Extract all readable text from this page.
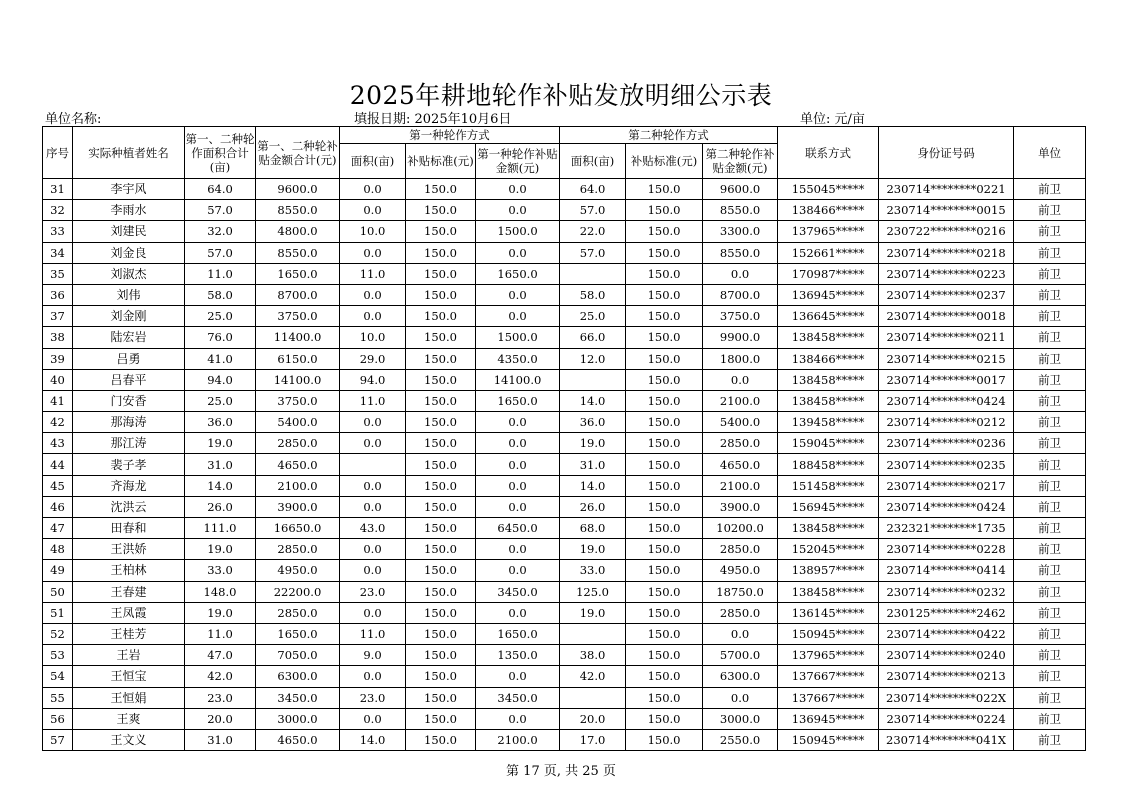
2025年耕地轮作补贴发放明细公示表
单位名称:	填报日期: 2025年10月6日	单位: 元/亩
序号	实际种植者姓名	第一、二种轮作面积合计(亩)	第一、二种轮补贴金额合计(元)	第一种轮作方式			第二种轮作方式			联系方式	身份证号码	单位
				面积(亩)	补贴标准(元)	第一种轮作补贴金额(元)	面积(亩)	补贴标准(元)	第二种轮作补贴金额(元)			
31	李宇风	64.0	9600.0	0.0	150.0	0.0	64.0	150.0	9600.0	155045*****	230714********0221	前卫
32	李雨水	57.0	8550.0	0.0	150.0	0.0	57.0	150.0	8550.0	138466*****	230714********0015	前卫
33	刘建民	32.0	4800.0	10.0	150.0	1500.0	22.0	150.0	3300.0	137965*****	230722********0216	前卫
34	刘金良	57.0	8550.0	0.0	150.0	0.0	57.0	150.0	8550.0	152661*****	230714********0218	前卫
35	刘淑杰	11.0	1650.0	11.0	150.0	1650.0		150.0	0.0	170987*****	230714********0223	前卫
36	刘伟	58.0	8700.0	0.0	150.0	0.0	58.0	150.0	8700.0	136945*****	230714********0237	前卫
37	刘金刚	25.0	3750.0	0.0	150.0	0.0	25.0	150.0	3750.0	136645*****	230714********0018	前卫
38	陆宏岩	76.0	11400.0	10.0	150.0	1500.0	66.0	150.0	9900.0	138458*****	230714********0211	前卫
39	吕勇	41.0	6150.0	29.0	150.0	4350.0	12.0	150.0	1800.0	138466*****	230714********0215	前卫
40	吕春平	94.0	14100.0	94.0	150.0	14100.0		150.0	0.0	138458*****	230714********0017	前卫
41	门安香	25.0	3750.0	11.0	150.0	1650.0	14.0	150.0	2100.0	138458*****	230714********0424	前卫
42	那海涛	36.0	5400.0	0.0	150.0	0.0	36.0	150.0	5400.0	139458*****	230714********0212	前卫
43	那江涛	19.0	2850.0	0.0	150.0	0.0	19.0	150.0	2850.0	159045*****	230714********0236	前卫
44	裴子孝	31.0	4650.0		150.0	0.0	31.0	150.0	4650.0	188458*****	230714********0235	前卫
45	齐海龙	14.0	2100.0	0.0	150.0	0.0	14.0	150.0	2100.0	151458*****	230714********0217	前卫
46	沈洪云	26.0	3900.0	0.0	150.0	0.0	26.0	150.0	3900.0	156945*****	230714********0424	前卫
47	田春和	111.0	16650.0	43.0	150.0	6450.0	68.0	150.0	10200.0	138458*****	232321********1735	前卫
48	王洪娇	19.0	2850.0	0.0	150.0	0.0	19.0	150.0	2850.0	152045*****	230714********0228	前卫
49	王柏林	33.0	4950.0	0.0	150.0	0.0	33.0	150.0	4950.0	138957*****	230714********0414	前卫
50	王春建	148.0	22200.0	23.0	150.0	3450.0	125.0	150.0	18750.0	138458*****	230714********0232	前卫
51	王凤霞	19.0	2850.0	0.0	150.0	0.0	19.0	150.0	2850.0	136145*****	230125********2462	前卫
52	王桂芳	11.0	1650.0	11.0	150.0	1650.0		150.0	0.0	150945*****	230714********0422	前卫
53	王岩	47.0	7050.0	9.0	150.0	1350.0	38.0	150.0	5700.0	137965*****	230714********0240	前卫
54	王恒宝	42.0	6300.0	0.0	150.0	0.0	42.0	150.0	6300.0	137667*****	230714********0213	前卫
55	王恒娟	23.0	3450.0	23.0	150.0	3450.0		150.0	0.0	137667*****	230714********022X	前卫
56	王爽	20.0	3000.0	0.0	150.0	0.0	20.0	150.0	3000.0	136945*****	230714********0224	前卫
57	王文义	31.0	4650.0	14.0	150.0	2100.0	17.0	150.0	2550.0	150945*****	230714********041X	前卫
第 17 页, 共 25 页
